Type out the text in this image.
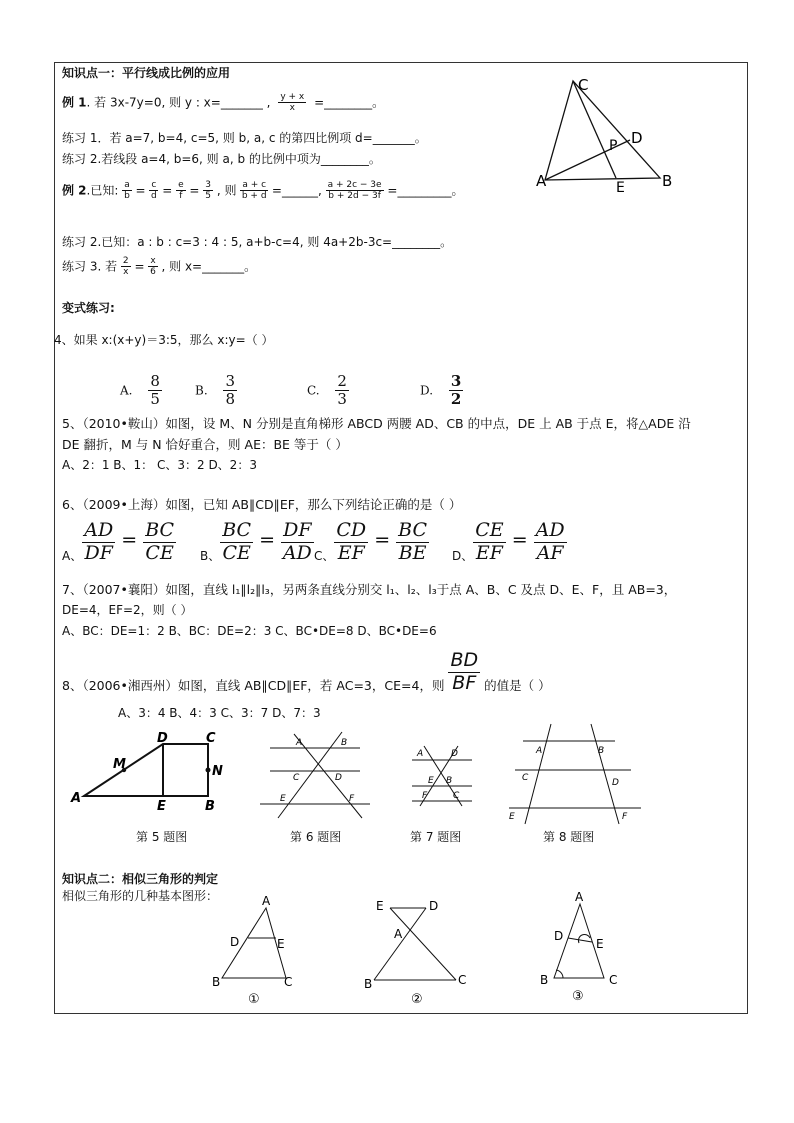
知识点一：平行线成比例的应用
例 1. 若 3x-7y=0, 则 y : x=_______ , $\frac{y + x}{x}$ =________。
练习 1．若 a=7, b=4, c=5, 则 b, a, c 的第四比例项 d=_______。
练习 2.若线段 a=4, b=6, 则 a, b 的比例中项为________。
例 2.已知: $\frac{a}{b} = \frac{c}{d} = \frac{e}{f} = \frac{3}{5}$ , 则 $\frac{a + c}{b + d}$ =______, $\frac{a + 2c - 3e}{b + 2d - 3f}$ =_________。
练习 2.已知：a : b : c=3 : 4 : 5, a+b-c=4, 则 4a+2b-3c=________。
练习 3. 若 $\frac{2}{x} = \frac{x}{6}$ , 则 x=_______。
变式练习:
C
D
P
A	E B
4、如果 x:(x+y)＝3:5，那么 x:y=（ ）
A. $\frac{8}{5}$	B. $\frac{3}{8}$	C. $\frac{2}{3}$	D. $\frac{3}{2}$
5、（2010•鞍山）如图，设 M、N 分别是直角梯形 ABCD 两腰 AD、CB 的中点，DE 上 AB 于点 E，将△ADE 沿
DE 翻折，M 与 N 恰好重合，则 AE：BE 等于（ ）
A、2：1 B、1： C、3：2 D、2：3
6、（2009•上海）如图，已知 AB∥CD∥EF，那么下列结论正确的是（ ）
A、 $\frac{AD}{DF} = \frac{BC}{CE}$ B、 $\frac{BC}{CE} = \frac{DF}{AD}$ C、 $\frac{CD}{EF} = \frac{BC}{BE}$ D、 $\frac{CE}{EF} = \frac{AD}{AF}$
7、（2007•襄阳）如图，直线 l₁∥l₂∥l₃，另两条直线分别交 l₁、l₂、l₃于点 A、B、C 及点 D、E、F，且 AB=3，
DE=4，EF=2，则（ ）
A、BC：DE=1：2 B、BC：DE=2：3 C、BC•DE=8 D、BC•DE=6
8、（2006•湘西州）如图，直线 AB∥CD∥EF，若 AC=3，CE=4，则 $\frac{BD}{BF}$ 的值是（ ）
A、3：4 B、4：3 C、3：7 D、7：3
D	C
M	N
A
E	B
A	B
C	D
E	F
A	D
E B
F	C
A	B
C	D
E	F
第 5 题图	第 6 题图	第 7 题图	第 8 题图
知识点二：相似三角形的判定
相似三角形的几种基本图形：	A
D	E
B	C
①
E	D
A
B	C
②
A
D
E
B	C
③
